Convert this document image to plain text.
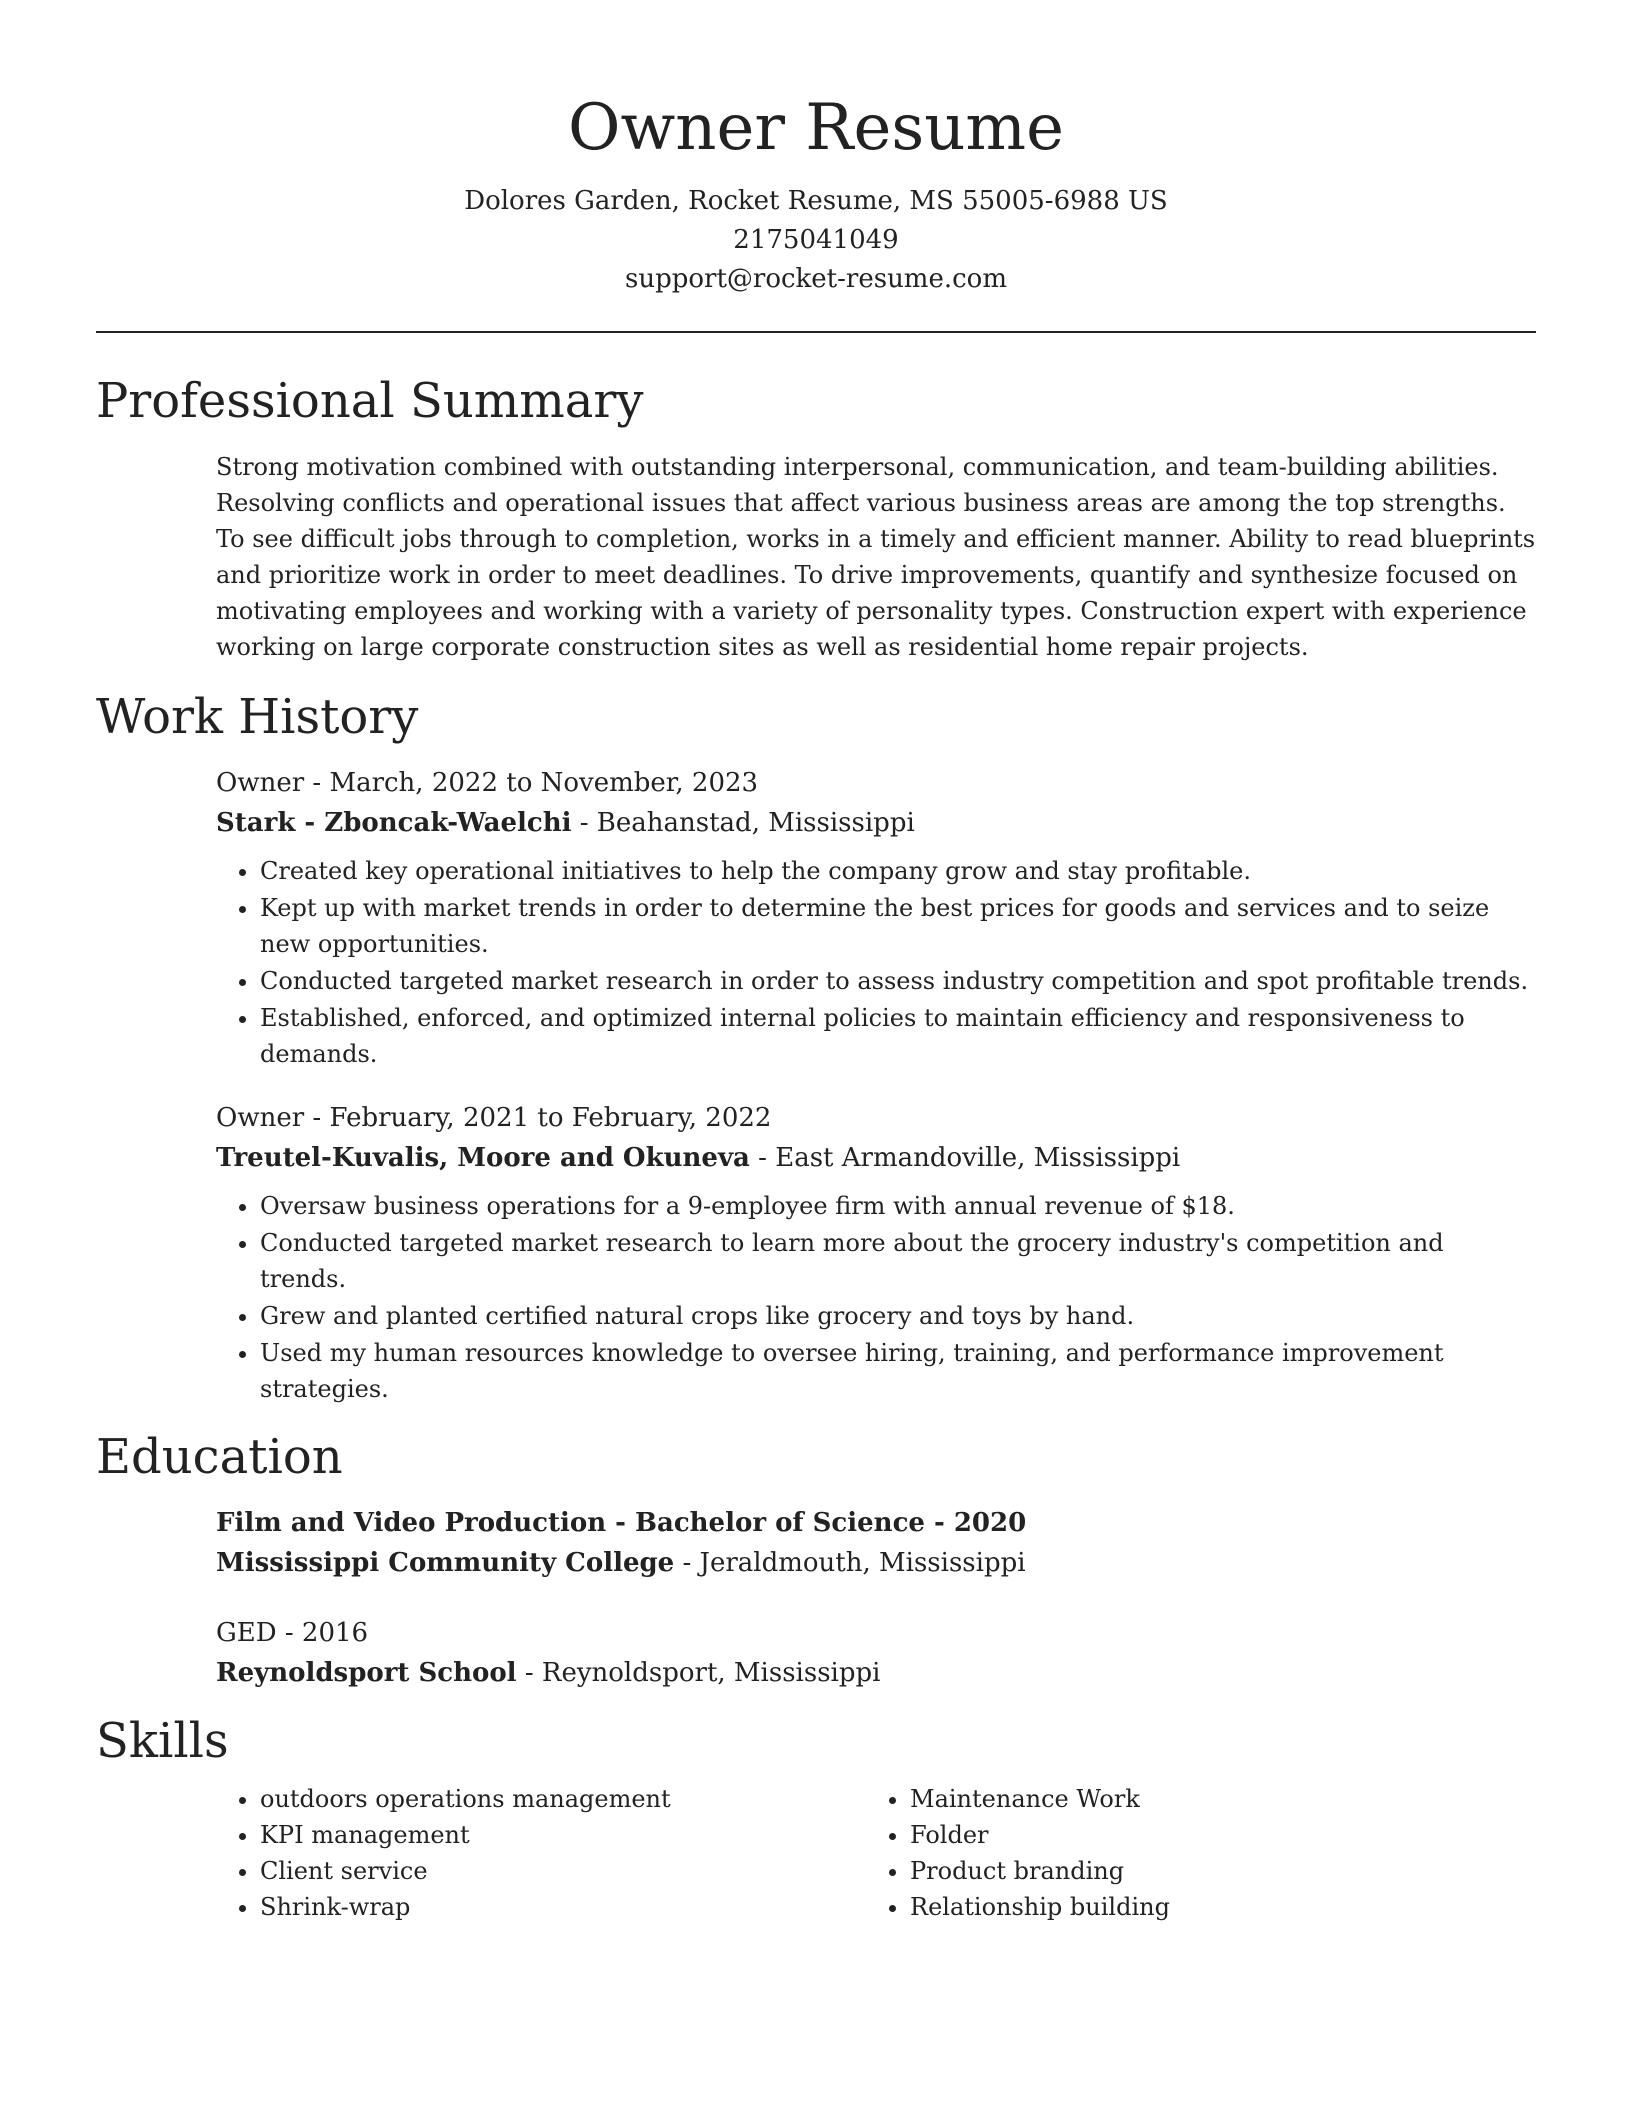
Owner Resume

Dolores Garden, Rocket Resume, MS 55005-6988 US

2175041049

support@rocket-resume.com

Professional Summary

Strong motivation combined with outstanding interpersonal, communication, and team-building abilities. Resolving conflicts and operational issues that affect various business areas are among the top strengths. To see difficult jobs through to completion, works in a timely and efficient manner. Ability to read blueprints and prioritize work in order to meet deadlines. To drive improvements, quantify and synthesize focused on motivating employees and working with a variety of personality types. Construction expert with experience working on large corporate construction sites as well as residential home repair projects.

Work History

Owner - March, 2022 to November, 2023

Stark - Zboncak-Waelchi - Beahanstad, Mississippi

• Created key operational initiatives to help the company grow and stay profitable.
• Kept up with market trends in order to determine the best prices for goods and services and to seize new opportunities.
• Conducted targeted market research in order to assess industry competition and spot profitable trends.
• Established, enforced, and optimized internal policies to maintain efficiency and responsiveness to demands.

Owner - February, 2021 to February, 2022

Treutel-Kuvalis, Moore and Okuneva - East Armandoville, Mississippi

• Oversaw business operations for a 9-employee firm with annual revenue of $18.
• Conducted targeted market research to learn more about the grocery industry's competition and trends.
• Grew and planted certified natural crops like grocery and toys by hand.
• Used my human resources knowledge to oversee hiring, training, and performance improvement strategies.
Education

Film and Video Production - Bachelor of Science - 2020

Mississippi Community College - Jeraldmouth, Mississippi

GED - 2016

Reynoldsport School - Reynoldsport, Mississippi

Skills
• outdoors operations management
• KPI management
• Client service
• Shrink-wrap
• Maintenance Work
• Folder
• Product branding
• Relationship building
